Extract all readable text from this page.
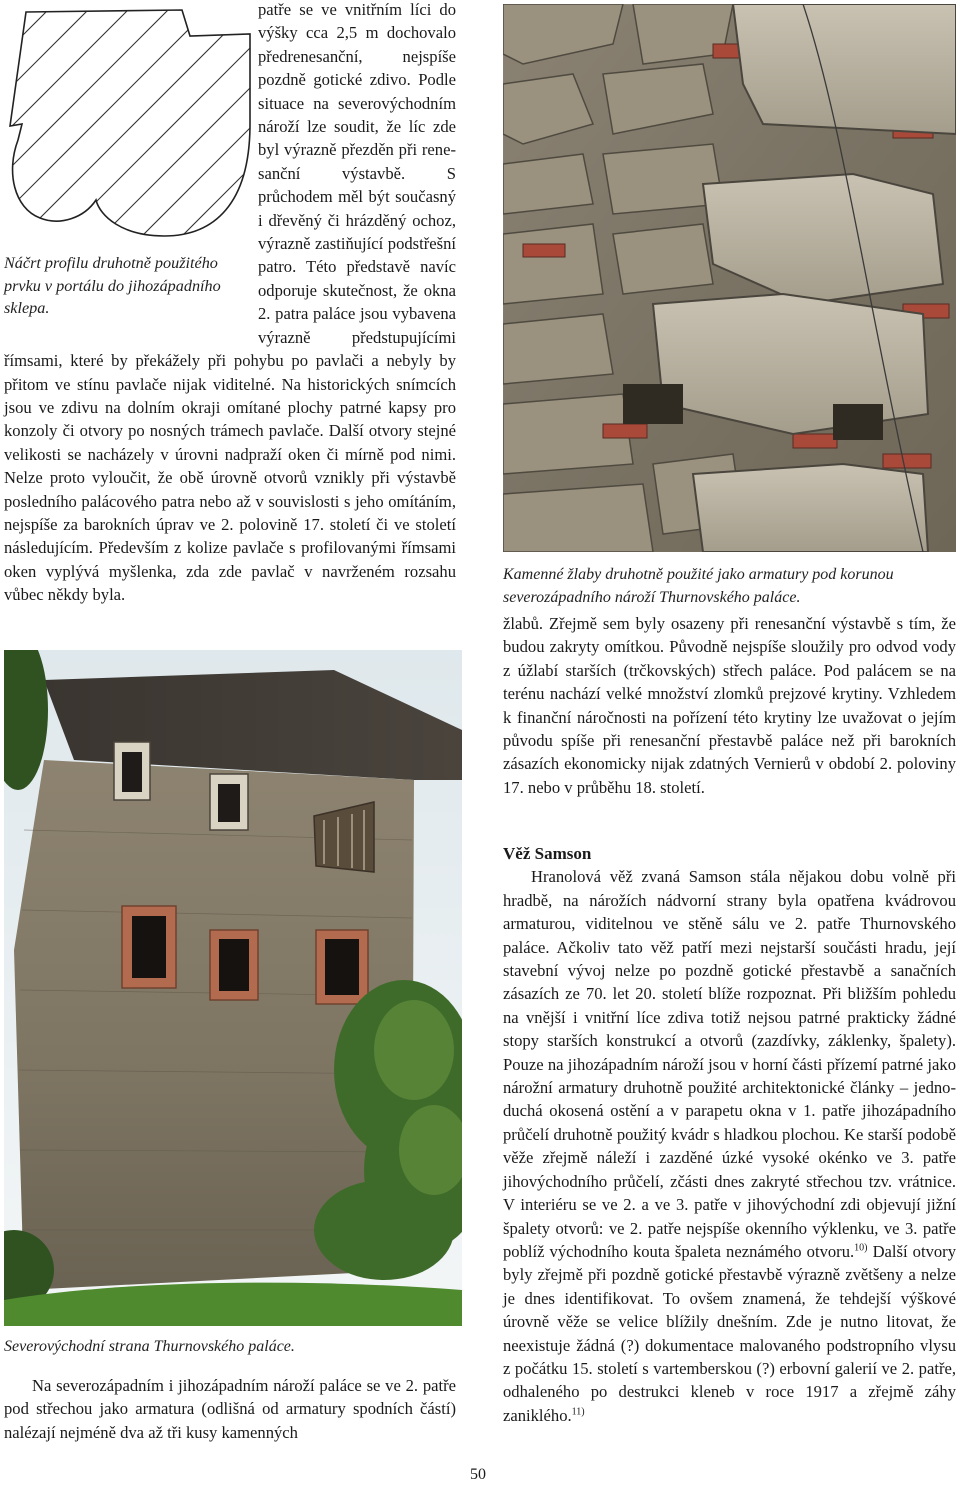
Náčrt profilu druhotně použitého prvku v portálu do jihozápadního sklepa.

patře se ve vnitřním líci do výšky cca 2,5 m dochovalo předrenesanční, nejspíše pozdně gotické zdivo. Podle situace na severovýchodním nároží lze soudit, že líc zde byl výrazně přezděn při renesanční výstavbě. S průchodem měl být současný i dřevěný či hrázděný ochoz, výrazně zastiňující podstřešní patro. Této představě navíc odporuje skutečnost, že okna 2. patra paláce jsou vybavena výrazně předstupujícími římsami, které by překážely při pohybu po pavlači a nebyly by přitom ve stínu pavlače nijak viditelné. Na historických snímcích jsou ve zdivu na dolním okraji omítané plochy patrné kapsy pro konzoly či otvory po nosných trámech pavlače. Další otvory stejné velikosti se nacházely v úrovni nadpraží oken či mírně pod nimi. Nelze proto vyloučit, že obě úrovně otvorů vznikly při výstavbě posledního palácového patra nebo až v souvislosti s jeho omítáním, nejspíše za barokních úprav ve 2. polovině 17. století či ve století následujícím. Především z kolize pavlače s profilovanými římsami oken vyplývá myšlenka, zda zde pavlač v navrženém rozsahu vůbec někdy byla.

Kamenné žlaby druhotně použité jako armatury pod korunou severozápadního nároží Thurnovského paláce.

žlabů. Zřejmě sem byly osazeny při renesanční výstavbě s tím, že budou zakryty omítkou. Původně nejspíše sloužily pro odvod vody z úžlabí starších (trčkovských) střech paláce. Pod palácem se na terénu nachází velké množství zlomků prejzové krytiny. Vzhledem k finanční náročnosti na pořízení této krytiny lze uvažovat o jejím původu spíše při renesanční přestavbě paláce než při barokních zásazích ekonomicky nijak zdatných Vernierů v období 2. poloviny 17. nebo v průběhu 18. století.

Věž Samson

Hranolová věž zvaná Samson stála nějakou dobu volně při hradbě, na nárožích nádvorní strany byla opatřena kvádrovou armaturou, viditelnou ve stěně sálu ve 2. patře Thurnovského paláce. Ačkoliv tato věž patří mezi nejstarší součásti hradu, její stavební vývoj nelze po pozdně gotické přestavbě a sanačních zásazích ze 70. let 20. století blíže rozpoznat. Při bližším pohledu na vnější i vnitřní líce zdiva totiž nejsou patrné prakticky žádné stopy starších konstrukcí a otvorů (zazdívky, záklenky, špalety). Pouze na jihozápadním nároží jsou v horní části přízemí patrné jako nárožní armatury druhotně použité architektonické články – jednoduchá okosená ostění a v parapetu okna v 1. patře jihozápadního průčelí druhotně použitý kvádr s hladkou plochou. Ke starší podobě věže zřejmě náleží i zazděné úzké vysoké okénko ve 3. patře jihovýchodního průčelí, zčásti dnes zakryté střechou tzv. vrátnice. V interiéru se ve 2. a ve 3. patře v jihovýchodní zdi objevují jižní špalety otvorů: ve 2. patře nejspíše okenního výklenku, ve 3. patře poblíž východního kouta špaleta neznámého otvoru.$^{10)}$ Další otvory byly zřejmě při pozdně gotické přestavbě výrazně zvětšeny a nelze je dnes identifikovat. To ovšem znamená, že tehdejší výškové úrovně věže se velice blížily dnešním. Zde je nutno litovat, že neexistuje žádná (?) dokumentace malovaného podstropního vlysu z počátku 15. století s vartemberskou (?) erbovní galerií ve 2. patře, odhaleného po destrukci kleneb v roce 1917 a zřejmě záhy zaniklého.$^{11)}$

Severovýchodní strana Thurnovského paláce.

Na severozápadním i jihozápadním nároží paláce se ve 2. patře pod střechou jako armatura (odlišná od armatury spodních částí) nalézají nejméně dva až tři kusy kamenných

50
